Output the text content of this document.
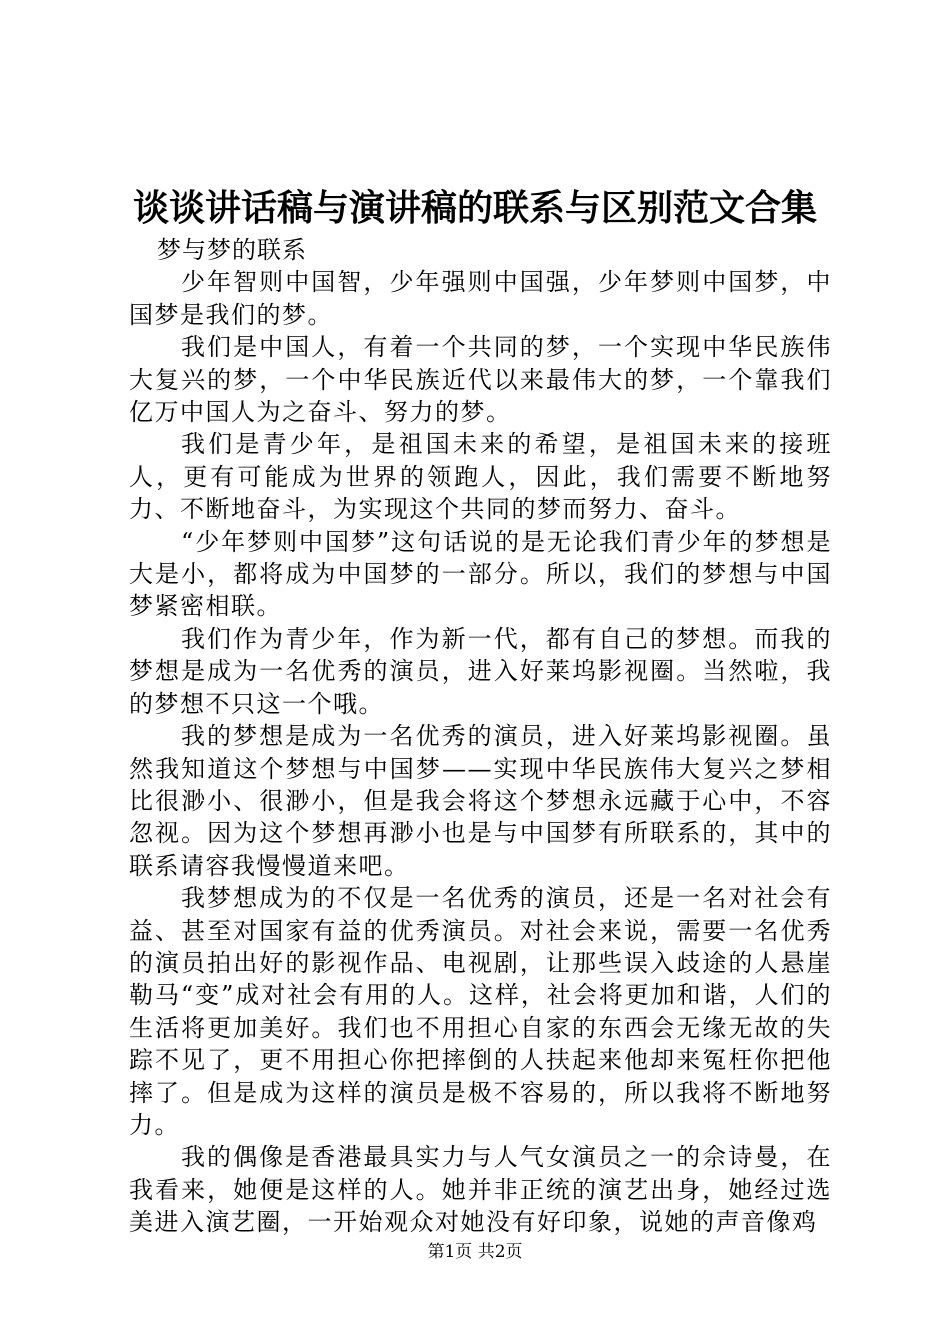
谈谈讲话稿与演讲稿的联系与区别范文合集

梦与梦的联系

少年智则中国智，少年强则中国强，少年梦则中国梦，中国梦是我们的梦。

我们是中国人，有着一个共同的梦，一个实现中华民族伟大复兴的梦，一个中华民族近代以来最伟大的梦，一个靠我们亿万中国人为之奋斗、努力的梦。

我们是青少年，是祖国未来的希望，是祖国未来的接班人，更有可能成为世界的领跑人，因此，我们需要不断地努力、不断地奋斗，为实现这个共同的梦而努力、奋斗。

“少年梦则中国梦”这句话说的是无论我们青少年的梦想是大是小，都将成为中国梦的一部分。所以，我们的梦想与中国梦紧密相联。

我们作为青少年，作为新一代，都有自己的梦想。而我的梦想是成为一名优秀的演员，进入好莱坞影视圈。当然啦，我的梦想不只这一个哦。

我的梦想是成为一名优秀的演员，进入好莱坞影视圈。虽然我知道这个梦想与中国梦——实现中华民族伟大复兴之梦相比很渺小、很渺小，但是我会将这个梦想永远藏于心中，不容忽视。因为这个梦想再渺小也是与中国梦有所联系的，其中的联系请容我慢慢道来吧。

我梦想成为的不仅是一名优秀的演员，还是一名对社会有益、甚至对国家有益的优秀演员。对社会来说，需要一名优秀的演员拍出好的影视作品、电视剧，让那些误入歧途的人悬崖勒马“变”成对社会有用的人。这样，社会将更加和谐，人们的生活将更加美好。我们也不用担心自家的东西会无缘无故的失踪不见了，更不用担心你把摔倒的人扶起来他却来冤枉你把他摔了。但是成为这样的演员是极不容易的，所以我将不断地努力。

我的偶像是香港最具实力与人气女演员之一的佘诗曼，在我看来，她便是这样的人。她并非正统的演艺出身，她经过选美进入演艺圈，一开始观众对她没有好印象，说她的声音像鸡

第1页 共2页
